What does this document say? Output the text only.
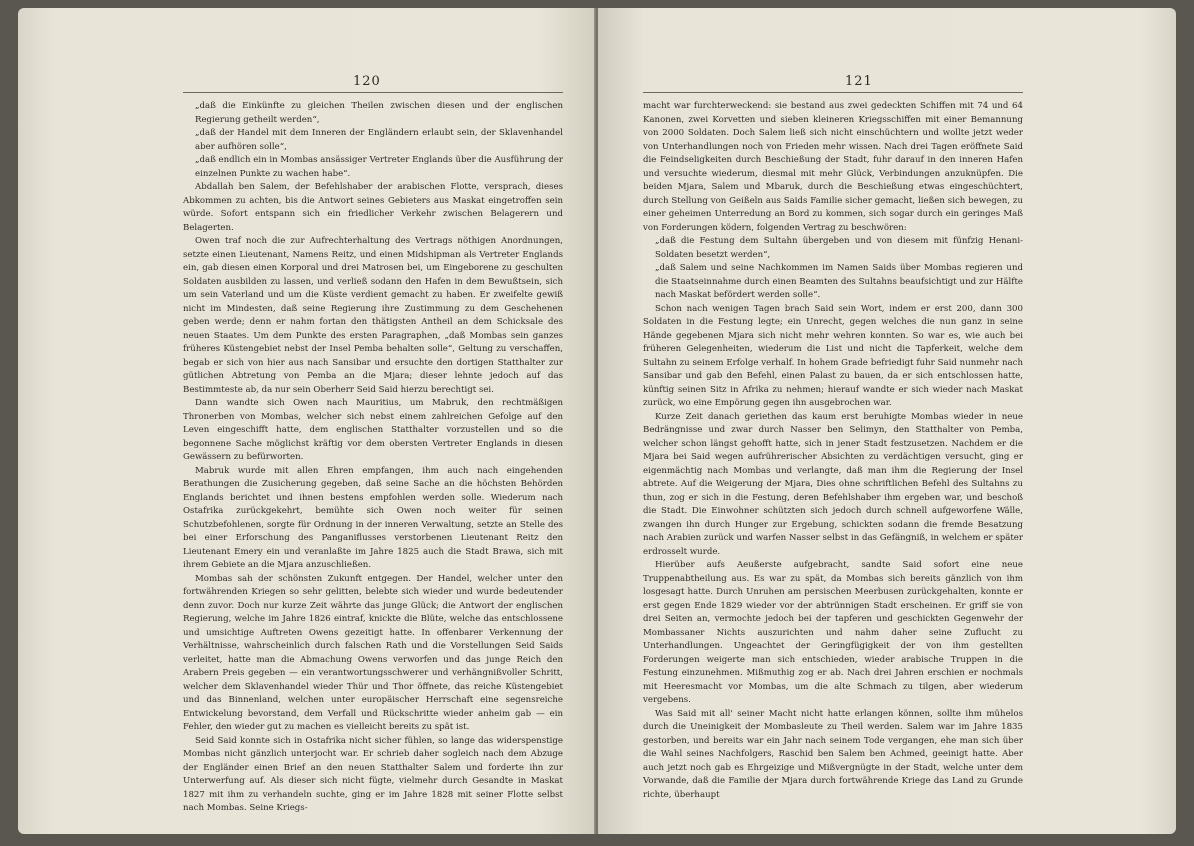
120

„daß die Einkünfte zu gleichen Theilen zwischen diesen und der englischen Regierung getheilt werden“,

„daß der Handel mit dem Inneren der Engländern erlaubt sein, der Sklavenhandel aber aufhören solle“,

„daß endlich ein in Mombas ansässiger Vertreter Englands über die Ausführung der einzelnen Punkte zu wachen habe“.

Abdallah ben Salem, der Befehlshaber der arabischen Flotte, versprach, dieses Abkommen zu achten, bis die Antwort seines Gebieters aus Maskat eingetroffen sein würde. Sofort entspann sich ein friedlicher Verkehr zwischen Belagerern und Belagerten.

Owen traf noch die zur Aufrechterhaltung des Vertrags nöthigen Anordnungen, setzte einen Lieutenant, Namens Reitz, und einen Midshipman als Vertreter Englands ein, gab diesen einen Korporal und drei Matrosen bei, um Eingeborene zu geschulten Soldaten ausbilden zu lassen, und verließ sodann den Hafen in dem Bewußtsein, sich um sein Vaterland und um die Küste verdient gemacht zu haben. Er zweifelte gewiß nicht im Mindesten, daß seine Regierung ihre Zustimmung zu dem Geschehenen geben werde; denn er nahm fortan den thätigsten Antheil an dem Schicksale des neuen Staates. Um dem Punkte des ersten Paragraphen, „daß Mombas sein ganzes früheres Küstengebiet nebst der Insel Pemba behalten solle“, Geltung zu verschaffen, begab er sich von hier aus nach Sansibar und ersuchte den dortigen Statthalter zur gütlichen Abtretung von Pemba an die Mjara; dieser lehnte jedoch auf das Bestimmteste ab, da nur sein Oberherr Seid Said hierzu berechtigt sei.

Dann wandte sich Owen nach Mauritius, um Mabruk, den rechtmäßigen Thronerben von Mombas, welcher sich nebst einem zahlreichen Gefolge auf den Leven eingeschifft hatte, dem englischen Statthalter vorzustellen und so die begonnene Sache möglichst kräftig vor dem obersten Vertreter Englands in diesen Gewässern zu befürworten.

Mabruk wurde mit allen Ehren empfangen, ihm auch nach eingehenden Berathungen die Zusicherung gegeben, daß seine Sache an die höchsten Behörden Englands berichtet und ihnen bestens empfohlen werden solle. Wiederum nach Ostafrika zurückgekehrt, bemühte sich Owen noch weiter für seinen Schutzbefohlenen, sorgte für Ordnung in der inneren Verwaltung, setzte an Stelle des bei einer Erforschung des Panganiflusses verstorbenen Lieutenant Reitz den Lieutenant Emery ein und veranlaßte im Jahre 1825 auch die Stadt Brawa, sich mit ihrem Gebiete an die Mjara anzuschließen.

Mombas sah der schönsten Zukunft entgegen. Der Handel, welcher unter den fortwährenden Kriegen so sehr gelitten, belebte sich wieder und wurde bedeutender denn zuvor. Doch nur kurze Zeit währte das junge Glück; die Antwort der englischen Regierung, welche im Jahre 1826 eintraf, knickte die Blüte, welche das entschlossene und umsichtige Auftreten Owens gezeitigt hatte. In offenbarer Verkennung der Verhältnisse, wahrscheinlich durch falschen Rath und die Vorstellungen Seid Saids verleitet, hatte man die Abmachung Owens verworfen und das junge Reich den Arabern Preis gegeben — ein verantwortungsschwerer und verhängnißvoller Schritt, welcher dem Sklavenhandel wieder Thür und Thor öffnete, das reiche Küstengebiet und das Binnenland, welchen unter europäischer Herrschaft eine segensreiche Entwickelung bevorstand, dem Verfall und Rückschritte wieder anheim gab — ein Fehler, den wieder gut zu machen es vielleicht bereits zu spät ist.

Seid Said konnte sich in Ostafrika nicht sicher fühlen, so lange das widerspenstige Mombas nicht gänzlich unterjocht war. Er schrieb daher sogleich nach dem Abzuge der Engländer einen Brief an den neuen Statthalter Salem und forderte ihn zur Unterwerfung auf. Als dieser sich nicht fügte, vielmehr durch Gesandte in Maskat 1827 mit ihm zu verhandeln suchte, ging er im Jahre 1828 mit seiner Flotte selbst nach Mombas. Seine Kriegs-

121

macht war furchterweckend: sie bestand aus zwei gedeckten Schiffen mit 74 und 64 Kanonen, zwei Korvetten und sieben kleineren Kriegsschiffen mit einer Bemannung von 2000 Soldaten. Doch Salem ließ sich nicht einschüchtern und wollte jetzt weder von Unterhandlungen noch von Frieden mehr wissen. Nach drei Tagen eröffnete Said die Feindseligkeiten durch Beschießung der Stadt, fuhr darauf in den inneren Hafen und versuchte wiederum, diesmal mit mehr Glück, Verbindungen anzuknüpfen. Die beiden Mjara, Salem und Mbaruk, durch die Beschießung etwas eingeschüchtert, durch Stellung von Geißeln aus Saids Familie sicher gemacht, ließen sich bewegen, zu einer geheimen Unterredung an Bord zu kommen, sich sogar durch ein geringes Maß von Forderungen ködern, folgenden Vertrag zu beschwören:

„daß die Festung dem Sultahn übergeben und von diesem mit fünfzig Henani-Soldaten besetzt werden“,

„daß Salem und seine Nachkommen im Namen Saids über Mombas regieren und die Staatseinnahme durch einen Beamten des Sultahns beaufsichtigt und zur Hälfte nach Maskat befördert werden solle“.

Schon nach wenigen Tagen brach Said sein Wort, indem er erst 200, dann 300 Soldaten in die Festung legte; ein Unrecht, gegen welches die nun ganz in seine Hände gegebenen Mjara sich nicht mehr wehren konnten. So war es, wie auch bei früheren Gelegenheiten, wiederum die List und nicht die Tapferkeit, welche dem Sultahn zu seinem Erfolge verhalf. In hohem Grade befriedigt fuhr Said nunmehr nach Sansibar und gab den Befehl, einen Palast zu bauen, da er sich entschlossen hatte, künftig seinen Sitz in Afrika zu nehmen; hierauf wandte er sich wieder nach Maskat zurück, wo eine Empörung gegen ihn ausgebrochen war.

Kurze Zeit danach geriethen das kaum erst beruhigte Mombas wieder in neue Bedrängnisse und zwar durch Nasser ben Selimyn, den Statthalter von Pemba, welcher schon längst gehofft hatte, sich in jener Stadt festzusetzen. Nachdem er die Mjara bei Said wegen aufrührerischer Absichten zu verdächtigen versucht, ging er eigenmächtig nach Mombas und verlangte, daß man ihm die Regierung der Insel abtrete. Auf die Weigerung der Mjara, Dies ohne schriftlichen Befehl des Sultahns zu thun, zog er sich in die Festung, deren Befehlshaber ihm ergeben war, und beschoß die Stadt. Die Einwohner schützten sich jedoch durch schnell aufgeworfene Wälle, zwangen ihn durch Hunger zur Ergebung, schickten sodann die fremde Besatzung nach Arabien zurück und warfen Nasser selbst in das Gefängniß, in welchem er später erdrosselt wurde.

Hierüber aufs Aeußerste aufgebracht, sandte Said sofort eine neue Truppenabtheilung aus. Es war zu spät, da Mombas sich bereits gänzlich von ihm losgesagt hatte. Durch Unruhen am persischen Meerbusen zurückgehalten, konnte er erst gegen Ende 1829 wieder vor der abtrünnigen Stadt erscheinen. Er griff sie von drei Seiten an, vermochte jedoch bei der tapferen und geschickten Gegenwehr der Mombassaner Nichts auszurichten und nahm daher seine Zuflucht zu Unterhandlungen. Ungeachtet der Geringfügigkeit der von ihm gestellten Forderungen weigerte man sich entschieden, wieder arabische Truppen in die Festung einzunehmen. Mißmuthig zog er ab. Nach drei Jahren erschien er nochmals mit Heeresmacht vor Mombas, um die alte Schmach zu tilgen, aber wiederum vergebens.

Was Said mit all' seiner Macht nicht hatte erlangen können, sollte ihm mühelos durch die Uneinigkeit der Mombasleute zu Theil werden. Salem war im Jahre 1835 gestorben, und bereits war ein Jahr nach seinem Tode vergangen, ehe man sich über die Wahl seines Nachfolgers, Raschid ben Salem ben Achmed, geeinigt hatte. Aber auch jetzt noch gab es Ehrgeizige und Mißvergnügte in der Stadt, welche unter dem Vorwande, daß die Familie der Mjara durch fortwährende Kriege das Land zu Grunde richte, überhaupt
